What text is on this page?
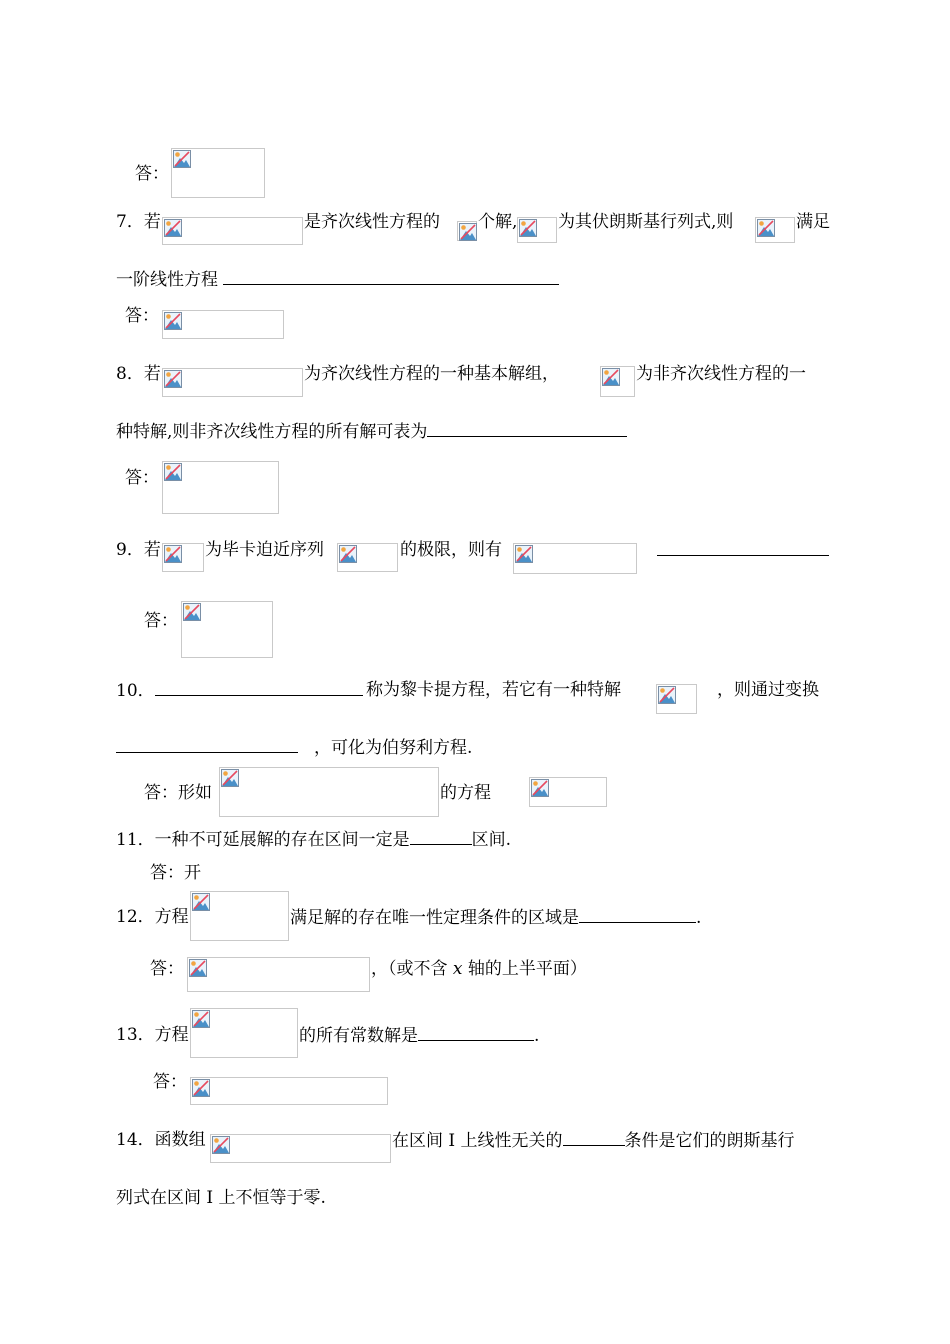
答：
7．若	是齐次线性方程的 个解, 为其伏朗斯基行列式,则	满足
一阶线性方程
答：
8．若	为齐次线性方程的一种基本解组，	为非齐次线性方程的一
种特解,则非齐次线性方程的所有解可表为
答：
9．若	为毕卡迫近序列	的极限，则有
答：
10．	称为黎卡提方程，若它有一种特解	，则通过变换
，可化为伯努利方程.
答：形如	的方程
11．一种不可延展解的存在区间一定是	区间.
答：开
12．方程	满足解的存在唯一性定理条件的区域是	.
答：	，（或不含 x 轴的上半平面）
13．方程	的所有常数解是	.
答：
14．函数组	在区间 I 上线性无关的	条件是它们的朗斯基行
列式在区间 I 上不恒等于零.
